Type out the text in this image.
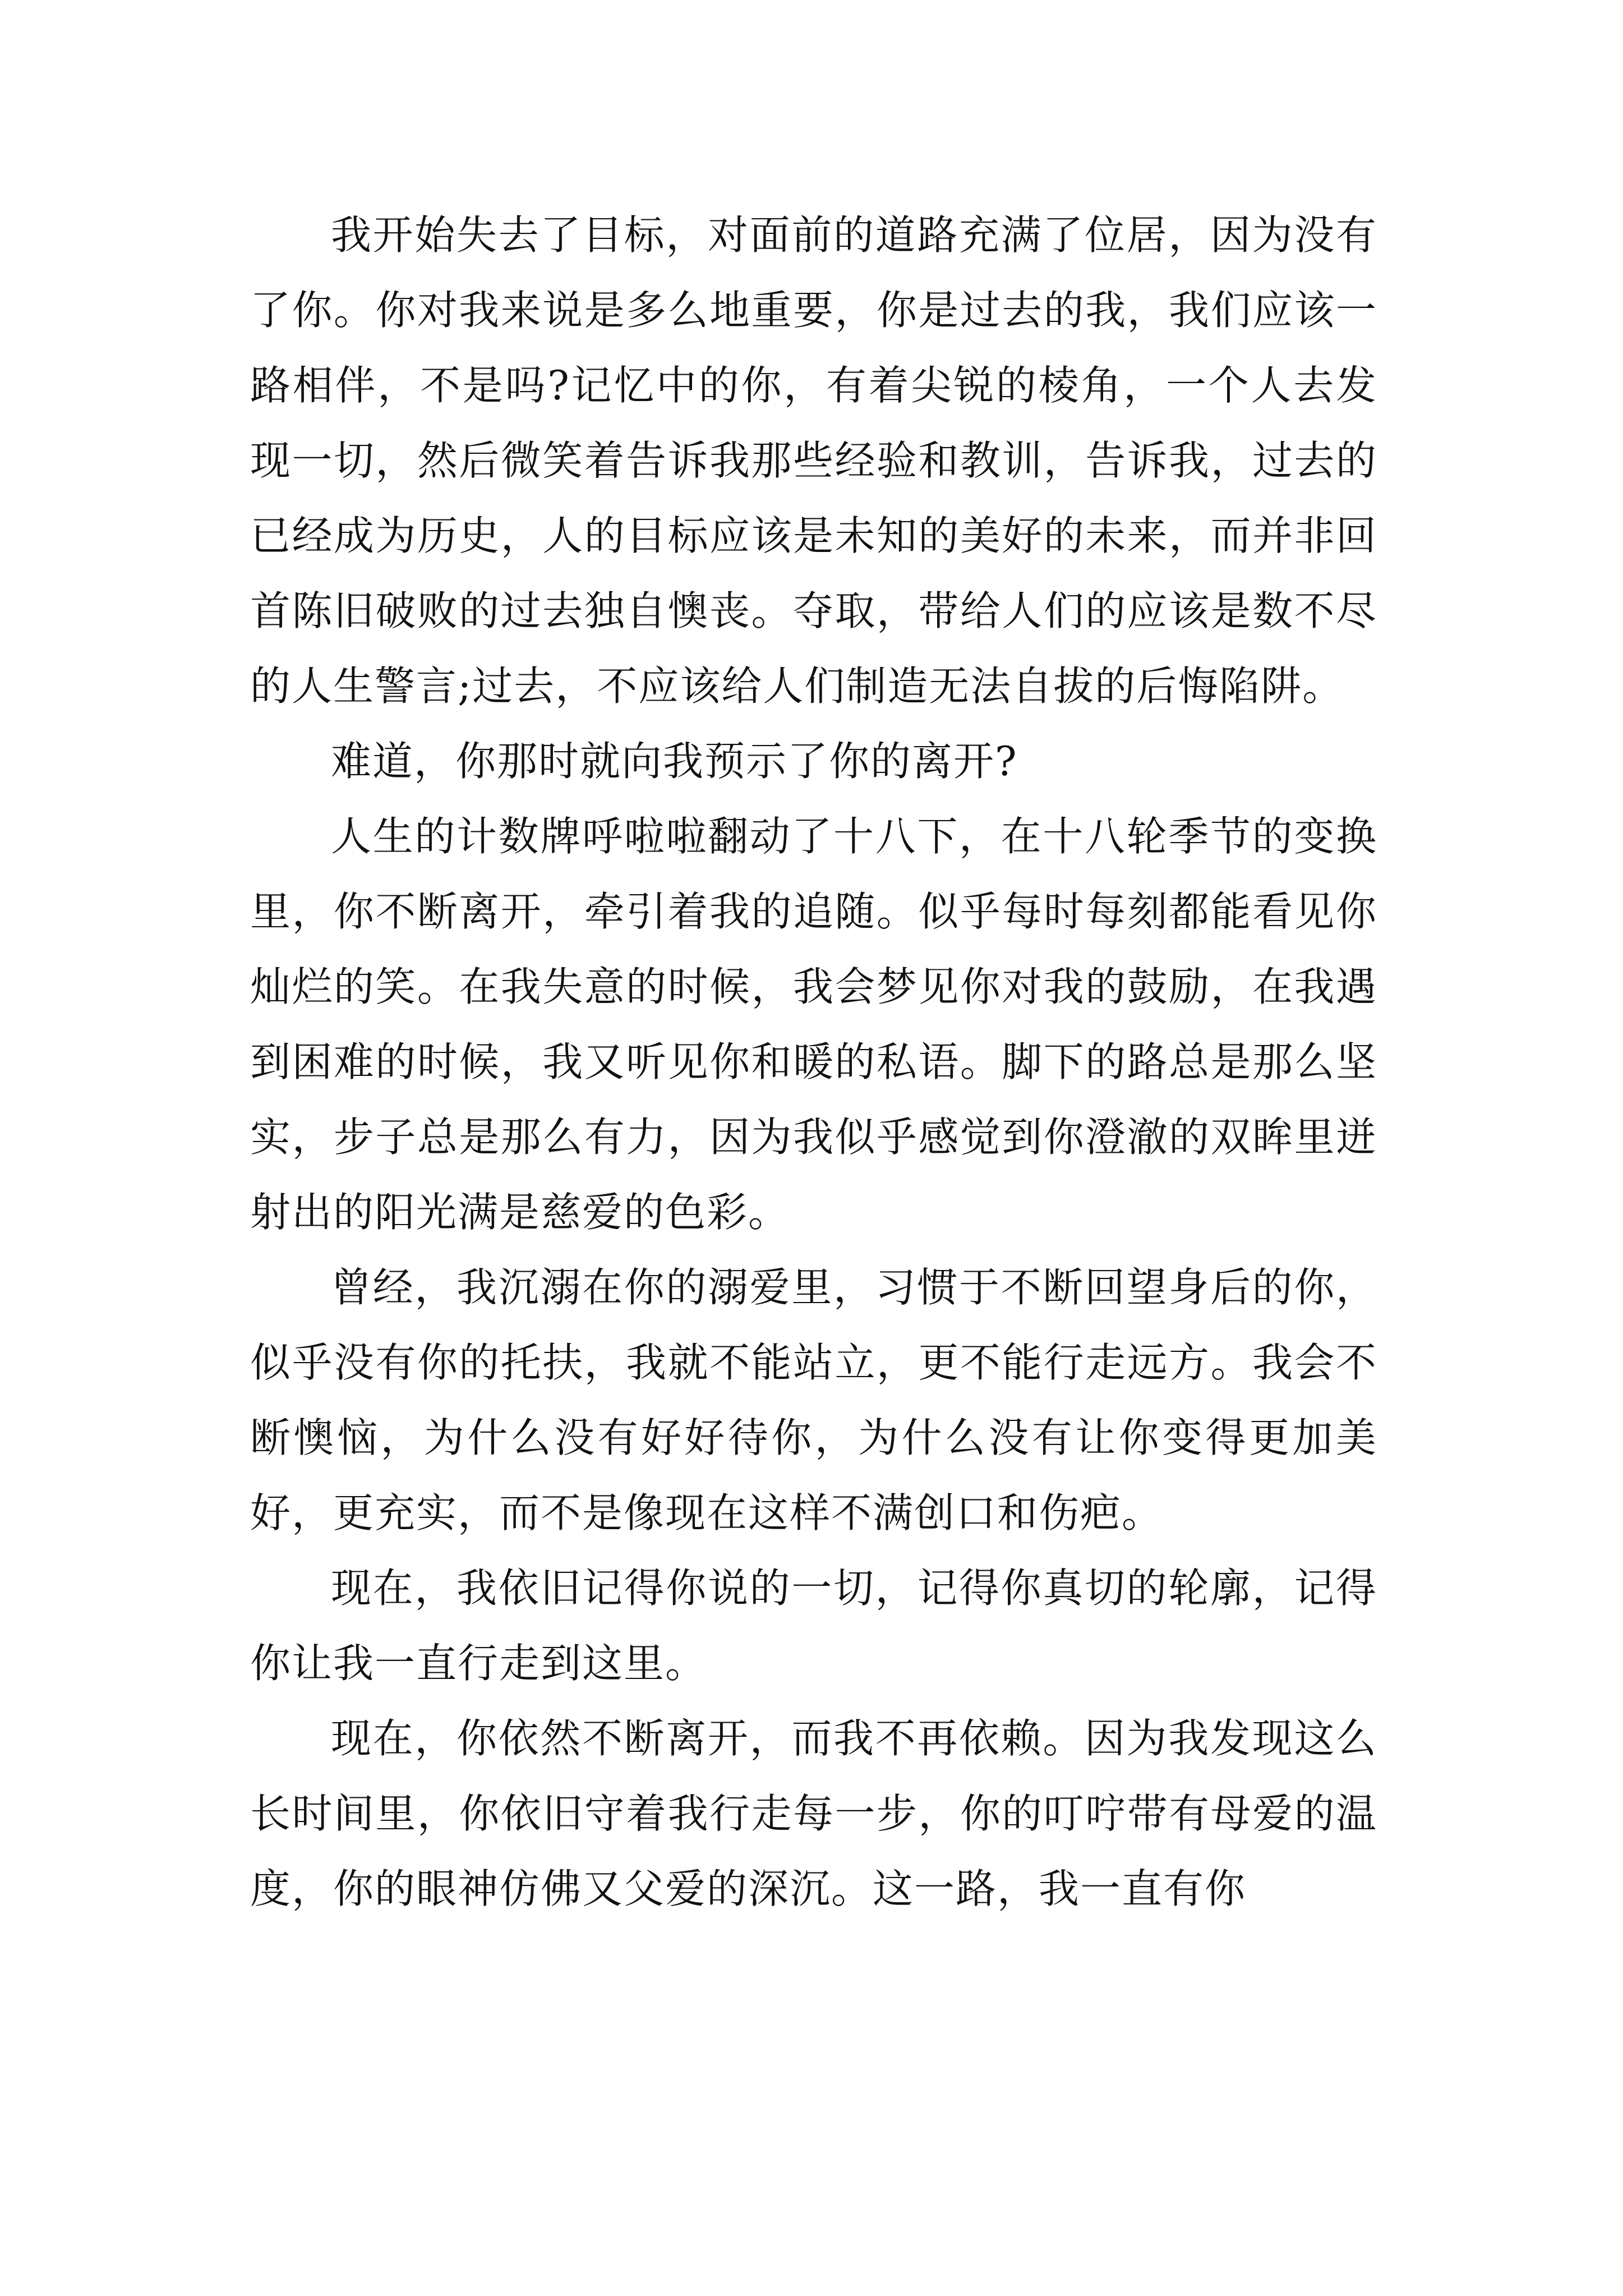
我开始失去了目标，对面前的道路充满了位居，因为没有了你。你对我来说是多么地重要，你是过去的我，我们应该一路相伴，不是吗?记忆中的你，有着尖锐的棱角，一个人去发现一切，然后微笑着告诉我那些经验和教训，告诉我，过去的已经成为历史，人的目标应该是未知的美好的未来，而并非回首陈旧破败的过去独自懊丧。夺取，带给人们的应该是数不尽的人生警言;过去，不应该给人们制造无法自拔的后悔陷阱。

难道，你那时就向我预示了你的离开?

人生的计数牌呼啦啦翻动了十八下，在十八轮季节的变换里，你不断离开，牵引着我的追随。似乎每时每刻都能看见你灿烂的笑。在我失意的时候，我会梦见你对我的鼓励，在我遇到困难的时候，我又听见你和暖的私语。脚下的路总是那么坚实，步子总是那么有力，因为我似乎感觉到你澄澈的双眸里迸射出的阳光满是慈爱的色彩。

曾经，我沉溺在你的溺爱里，习惯于不断回望身后的你，似乎没有你的托扶，我就不能站立，更不能行走远方。我会不断懊恼，为什么没有好好待你，为什么没有让你变得更加美好，更充实，而不是像现在这样不满创口和伤疤。

现在，我依旧记得你说的一切，记得你真切的轮廓，记得你让我一直行走到这里。

现在，你依然不断离开，而我不再依赖。因为我发现这么长时间里，你依旧守着我行走每一步，你的叮咛带有母爱的温度，你的眼神仿佛又父爱的深沉。这一路，我一直有你
